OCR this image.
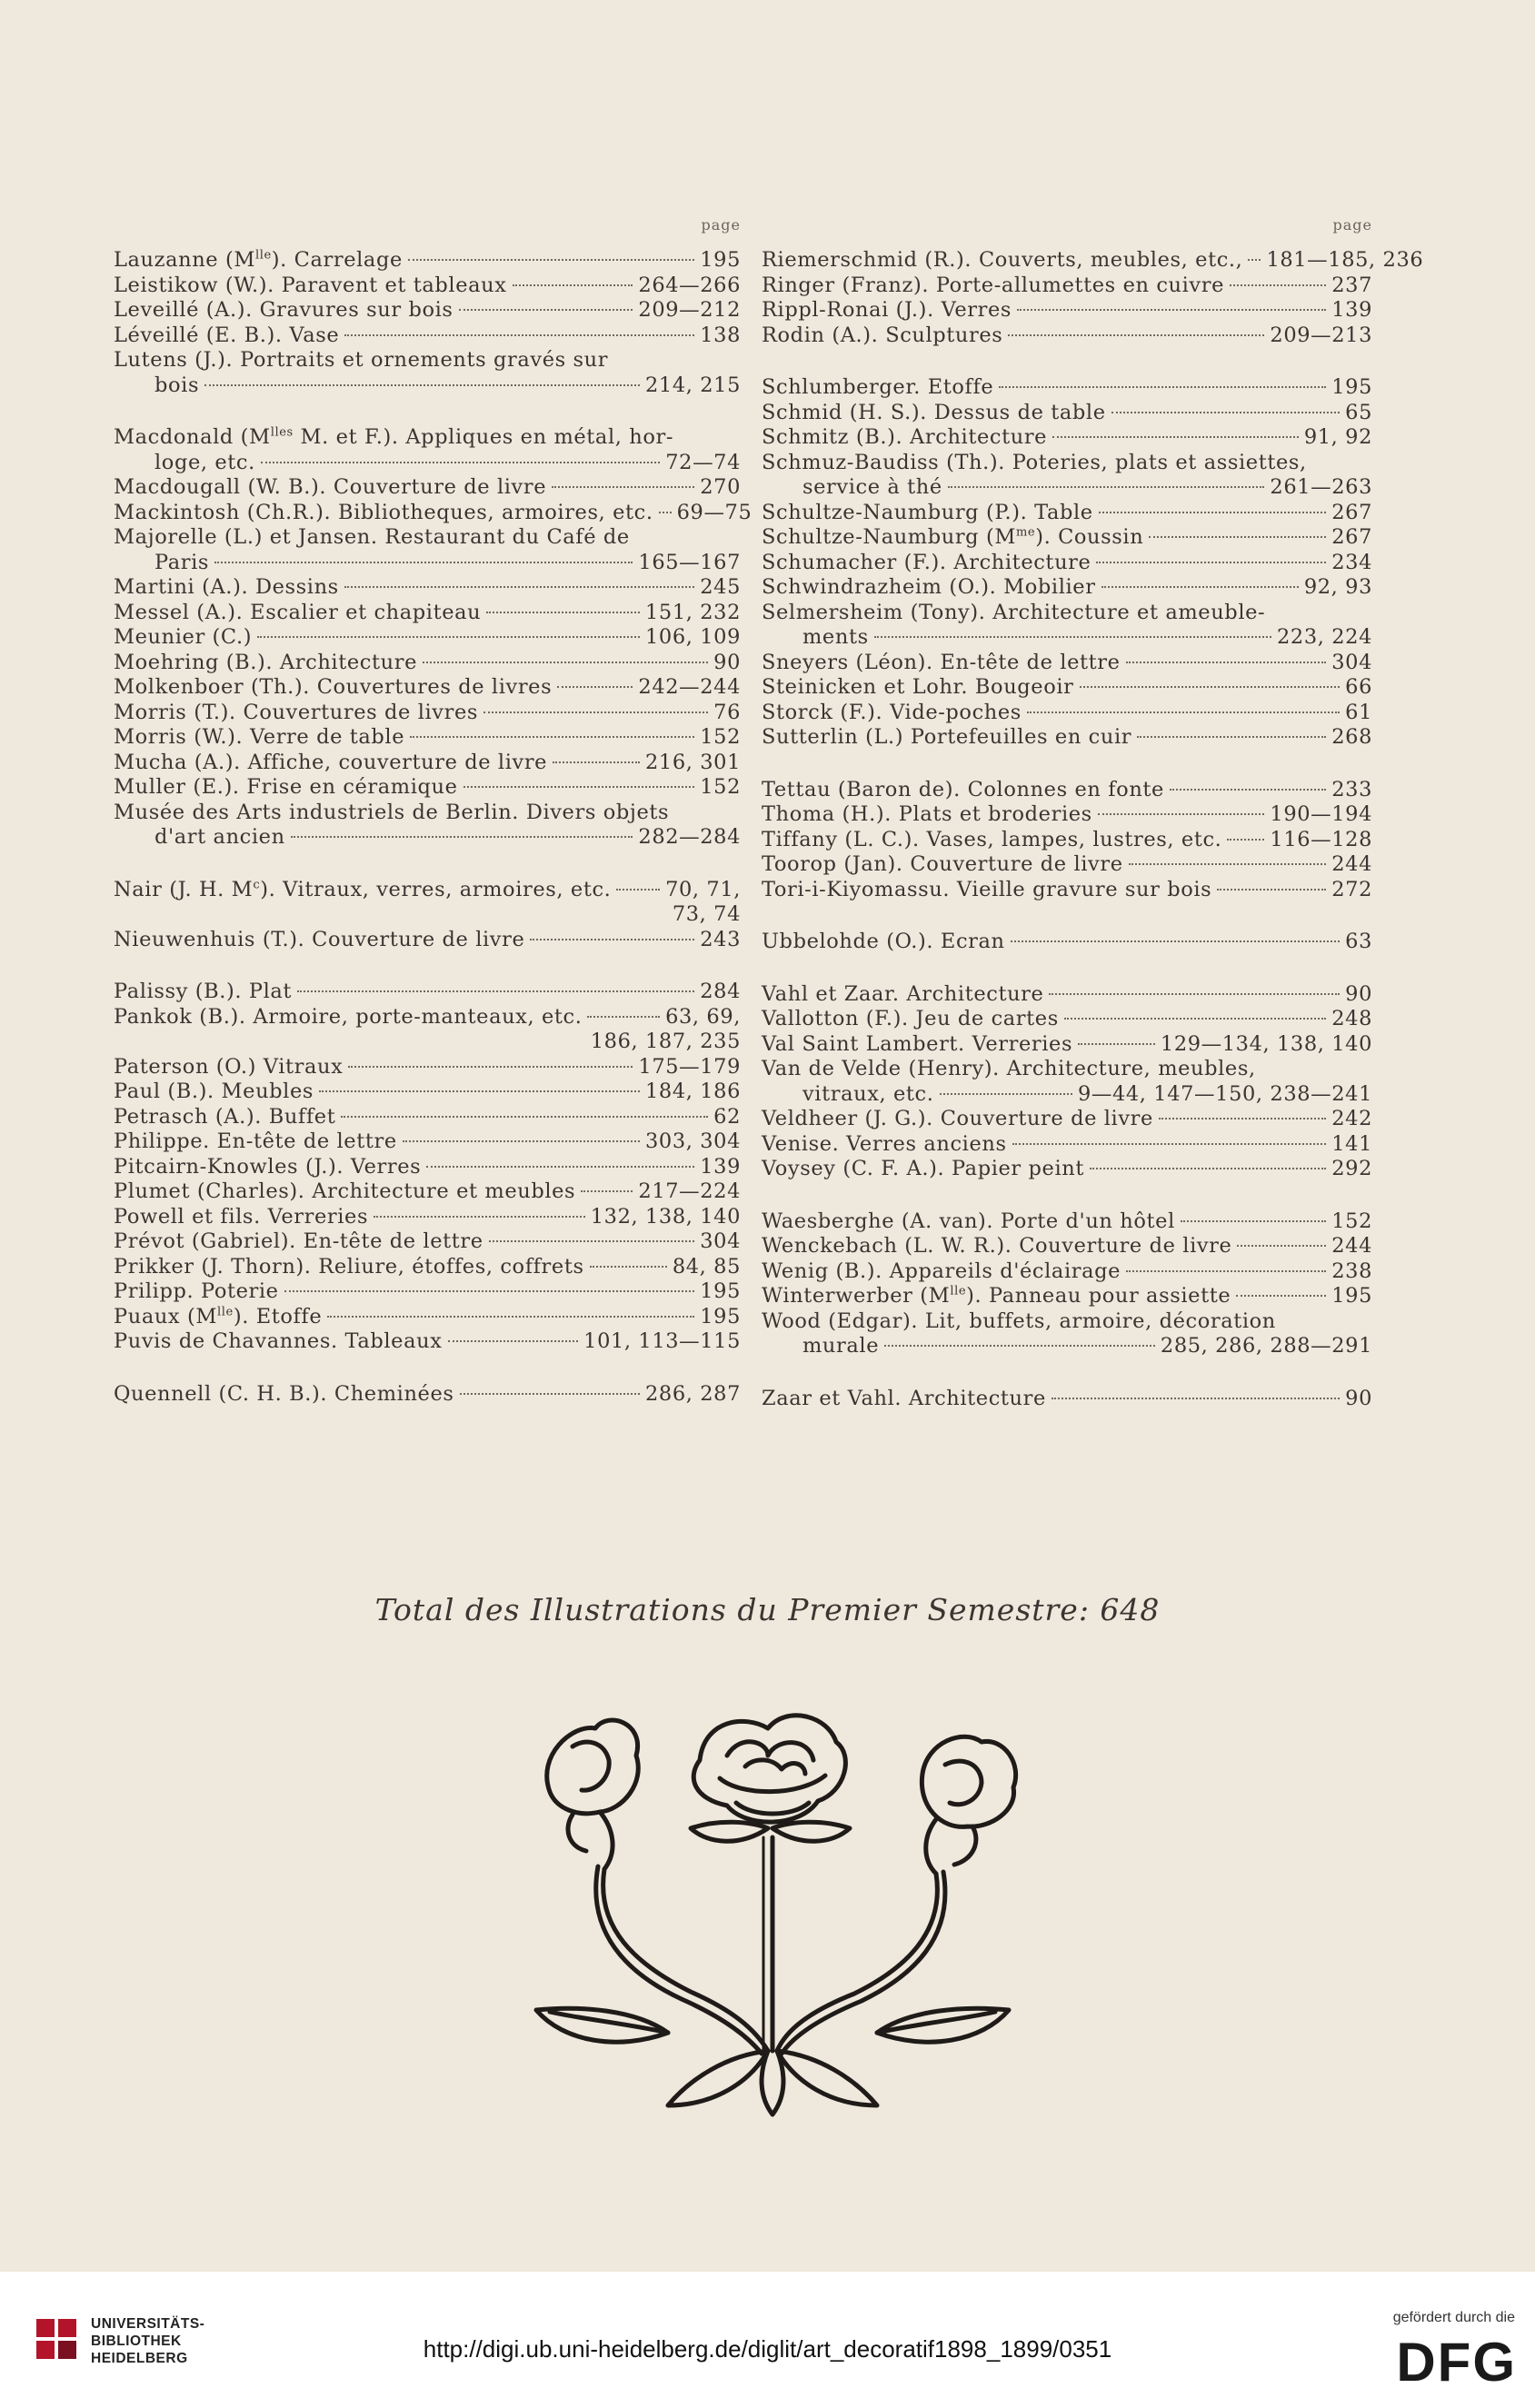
page
Lauzanne $(M^{lle})$. Carrelage	195
Leistikow (W.). Paravent et tableaux	264—266
Leveillé (A.). Gravures sur bois	209—212
Léveillé (E. B.). Vase	138
Lutens (J.). Portraits et ornements gravés sur
bois	214, 215
Macdonald ($M^{lles}$ M. et F.). Appliques en métal, hor-
loge, etc.	72—74
Macdougall (W. B.). Couverture de livre	270
Mackintosh (Ch.R.). Bibliotheques, armoires, etc. 69—75
Majorelle (L.) et Jansen. Restaurant du Café de
Paris	165—167
Martini (A.). Dessins	245
Messel (A.). Escalier et chapiteau	151, 232
Meunier (C.)	106, 109
Moehring (B.). Architecture	90
Molkenboer (Th.). Couvertures de livres	242—244
Morris (T.). Couvertures de livres	76
Morris (W.). Verre de table	152
Mucha (A.). Affiche, couverture de livre	216, 301
Muller (E.). Frise en céramique	152
Musée des Arts industriels de Berlin. Divers objets
d'art ancien	282—284
Nair (J. H. $M^c$). Vitraux, verres, armoires, etc.	70, 71,
73, 74
Nieuwenhuis (T.). Couverture de livre	243
Palissy (B.). Plat	284
Pankok (B.). Armoire, porte-manteaux, etc.	63, 69,
186, 187, 235
Paterson (O.) Vitraux	175—179
Paul (B.). Meubles	184, 186
Petrasch (A.). Buffet	62
Philippe. En-tête de lettre	303, 304
Pitcairn-Knowles (J.). Verres	139
Plumet (Charles). Architecture et meubles	217—224
Powell et fils. Verreries	132, 138, 140
Prévot (Gabriel). En-tête de lettre	304
Prikker (J. Thorn). Reliure, étoffes, coffrets	84, 85
Prilipp. Poterie	195
Puaux $(M^{lle})$. Etoffe	195
Puvis de Chavannes. Tableaux	101, 113—115
Quennell (C. H. B.). Cheminées	286, 287
page
Riemerschmid (R.). Couverts, meubles, etc., 181—185, 236
Ringer (Franz). Porte-allumettes en cuivre	237
Rippl-Ronai (J.). Verres	139
Rodin (A.). Sculptures	209—213
Schlumberger. Etoffe	195
Schmid (H. S.). Dessus de table	65
Schmitz (B.). Architecture	91, 92
Schmuz-Baudiss (Th.). Poteries, plats et assiettes,
service à thé	261—263
Schultze-Naumburg (P.). Table	267
Schultze-Naumburg $(M^{me})$. Coussin	267
Schumacher (F.). Architecture	234
Schwindrazheim (O.). Mobilier	92, 93
Selmersheim (Tony). Architecture et ameuble-
ments	223, 224
Sneyers (Léon). En-tête de lettre	304
Steinicken et Lohr. Bougeoir	66
Storck (F.). Vide-poches	61
Sutterlin (L.) Portefeuilles en cuir	268
Tettau (Baron de). Colonnes en fonte	233
Thoma (H.). Plats et broderies	190—194
Tiffany (L. C.). Vases, lampes, lustres, etc. 116—128
Toorop (Jan). Couverture de livre	244
Tori-i-Kiyomassu. Vieille gravure sur bois	272
Ubbelohde (O.). Ecran	63
Vahl et Zaar. Architecture	90
Vallotton (F.). Jeu de cartes	248
Val Saint Lambert. Verreries	129—134, 138, 140
Van de Velde (Henry). Architecture, meubles,
vitraux, etc.	9—44, 147—150, 238—241
Veldheer (J. G.). Couverture de livre	242
Venise. Verres anciens	141
Voysey (C. F. A.). Papier peint	292
Waesberghe (A. van). Porte d'un hôtel	152
Wenckebach (L. W. R.). Couverture de livre	244
Wenig (B.). Appareils d'éclairage	238
Winterwerber $(M^{lle})$. Panneau pour assiette	195
Wood (Edgar). Lit, buffets, armoire, décoration
murale	285, 286, 288—291
Zaar et Vahl. Architecture	90
Total des Illustrations du Premier Semestre: 648
UNIVERSITÄTS-
BIBLIOTHEK
HEIDELBERG	http://digi.ub.uni-heidelberg.de/diglit/art_decoratif1898_1899/0351
gefördert durch die
DFG
